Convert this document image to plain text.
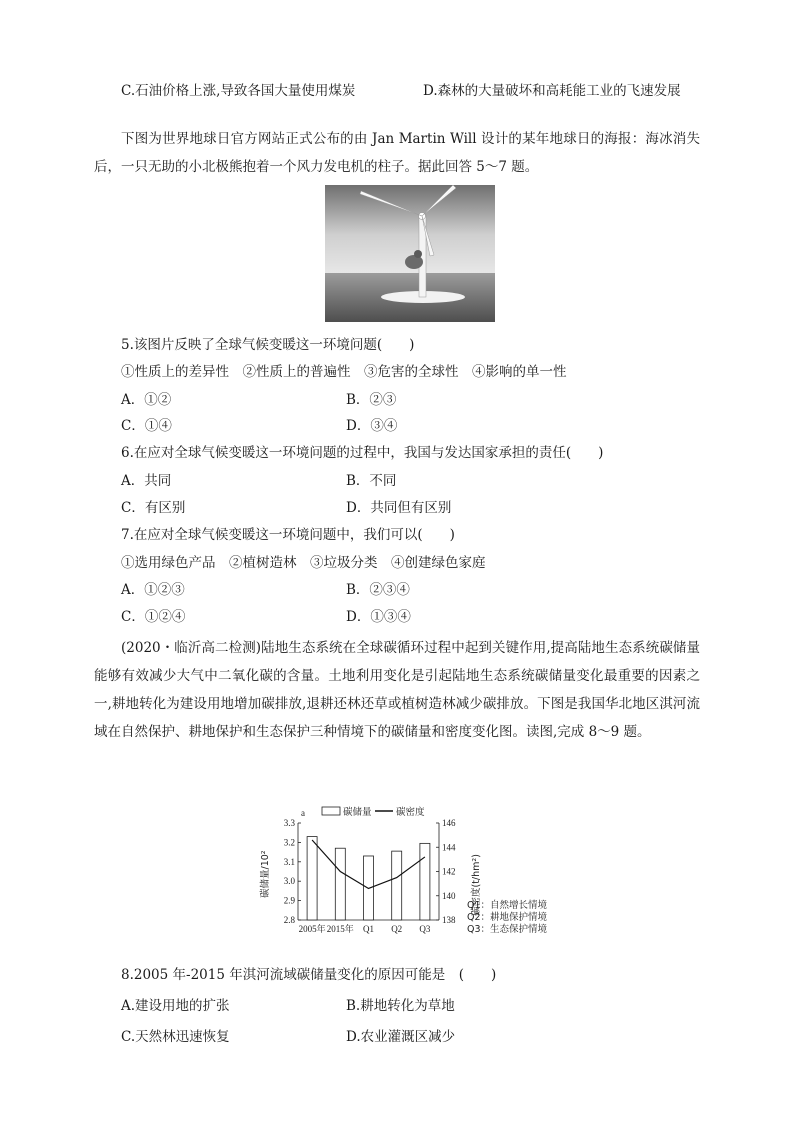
C.石油价格上涨,导致各国大量使用煤炭	D.森林的大量破坏和高耗能工业的飞速发展
下图为世界地球日官方网站正式公布的由 Jan Martin Will 设计的某年地球日的海报：海冰消失后，一只无助的小北极熊抱着一个风力发电机的柱子。据此回答 5～7 题。
5.该图片反映了全球气候变暖这一环境问题(　　)
①性质上的差异性　②性质上的普遍性　③危害的全球性　④影响的单一性
A．①②	B．②③
C．①④	D．③④
6.在应对全球气候变暖这一环境问题的过程中，我国与发达国家承担的责任(　　)
A．共同	B．不同
C．有区别	D．共同但有区别
7.在应对全球气候变暖这一环境问题中，我们可以(　　)
①选用绿色产品　②植树造林　③垃圾分类　④创建绿色家庭
A．①②③	B．②③④
C．①②④	D．①③④
(2020・临沂高二检测)陆地生态系统在全球碳循环过程中起到关键作用,提高陆地生态系统碳储量能够有效减少大气中二氧化碳的含量。土地利用变化是引起陆地生态系统碳储量变化最重要的因素之一,耕地转化为建设用地增加碳排放,退耕还林还草或植树造林减少碳排放。下图是我国华北地区淇河流域在自然保护、耕地保护和生态保护三种情境下的碳储量和密度变化图。读图,完成 8～9 题。
2.8
2.9
3.0
3.1
3.2
3.3
138
140
142
144
146
2005年 2015年 Q1 Q2 Q3
a
碳储量/10²	碳密度(t/hm²)
碳储量	碳密度
Q1：自然增长情境
Q2：耕地保护情境
Q3：生态保护情境
8.2005 年-2015 年淇河流域碳储量变化的原因可能是　(　　)
A.建设用地的扩张	B.耕地转化为草地
C.天然林迅速恢复	D.农业灌溉区减少
